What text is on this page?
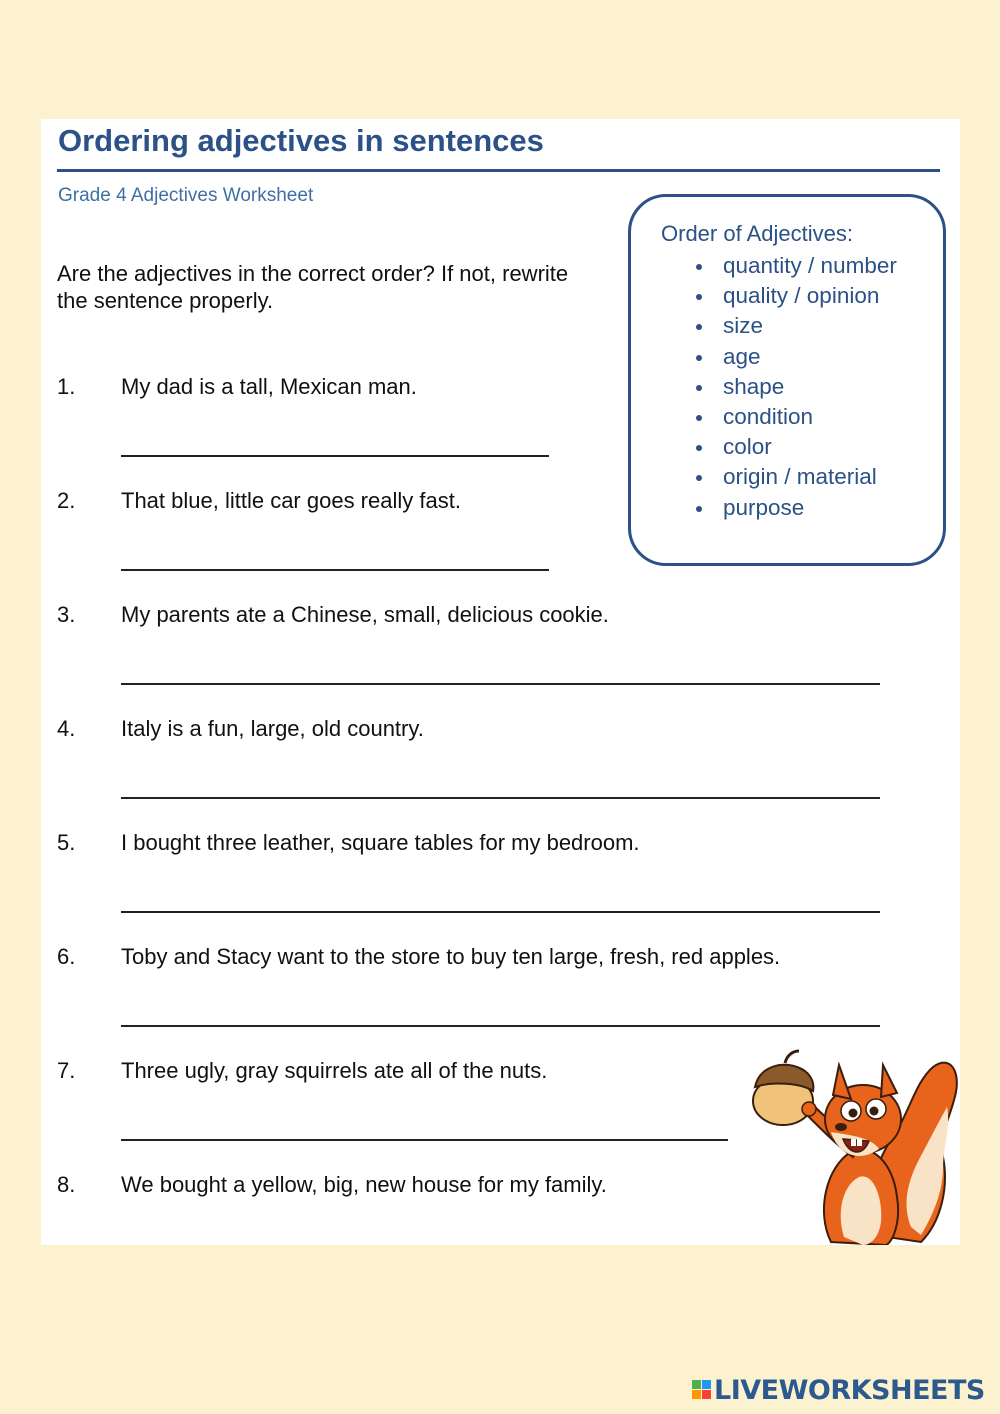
Ordering adjectives in sentences
Grade 4 Adjectives Worksheet
Are the adjectives in the correct order? If not, rewrite the sentence properly.
Order of Adjectives:
quantity / number
quality / opinion
size
age
shape
condition
color
origin / material
purpose
1. My dad is a tall, Mexican man.
2. That blue, little car goes really fast.
3. My parents ate a Chinese, small, delicious cookie.
4. Italy is a fun, large, old country.
5. I bought three leather, square tables for my bedroom.
6. Toby and Stacy want to the store to buy ten large, fresh, red apples.
7. Three ugly, gray squirrels ate all of the nuts.
8. We bought a yellow, big, new house for my family.
LIVEWORKSHEETS
